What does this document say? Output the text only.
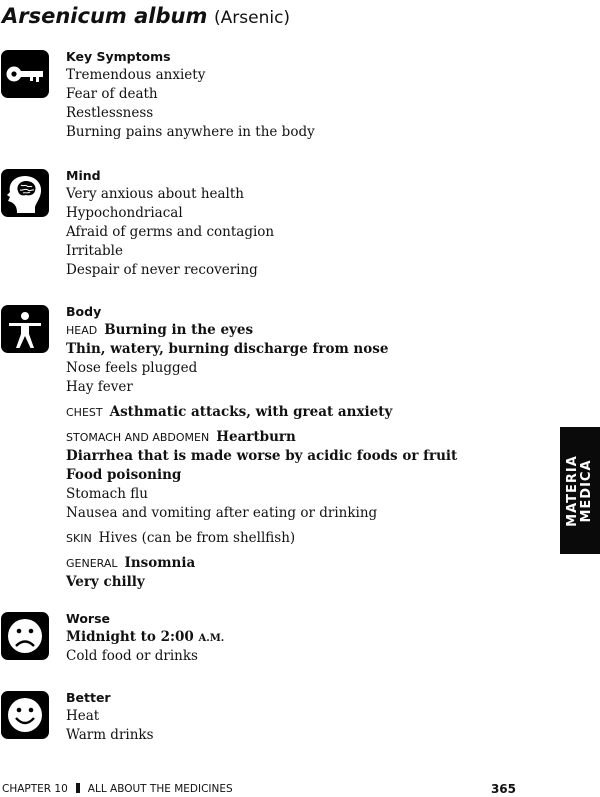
Arsenicum album (Arsenic)
Key Symptoms
Tremendous anxiety
Fear of death
Restlessness
Burning pains anywhere in the body
Mind
Very anxious about health
Hypochondriacal
Afraid of germs and contagion
Irritable
Despair of never recovering
Body
HEAD Burning in the eyes
Thin, watery, burning discharge from nose
Nose feels plugged
Hay fever
CHEST Asthmatic attacks, with great anxiety
STOMACH AND ABDOMEN Heartburn
Diarrhea that is made worse by acidic foods or fruit
Food poisoning
Stomach flu
Nausea and vomiting after eating or drinking
SKIN Hives (can be from shellfish)
GENERAL Insomnia
Very chilly
Worse
Midnight to 2:00 A.M.
Cold food or drinks
Better
Heat
Warm drinks
MATERIA MEDICA
CHAPTER 10 ALL ABOUT THE MEDICINES	365
